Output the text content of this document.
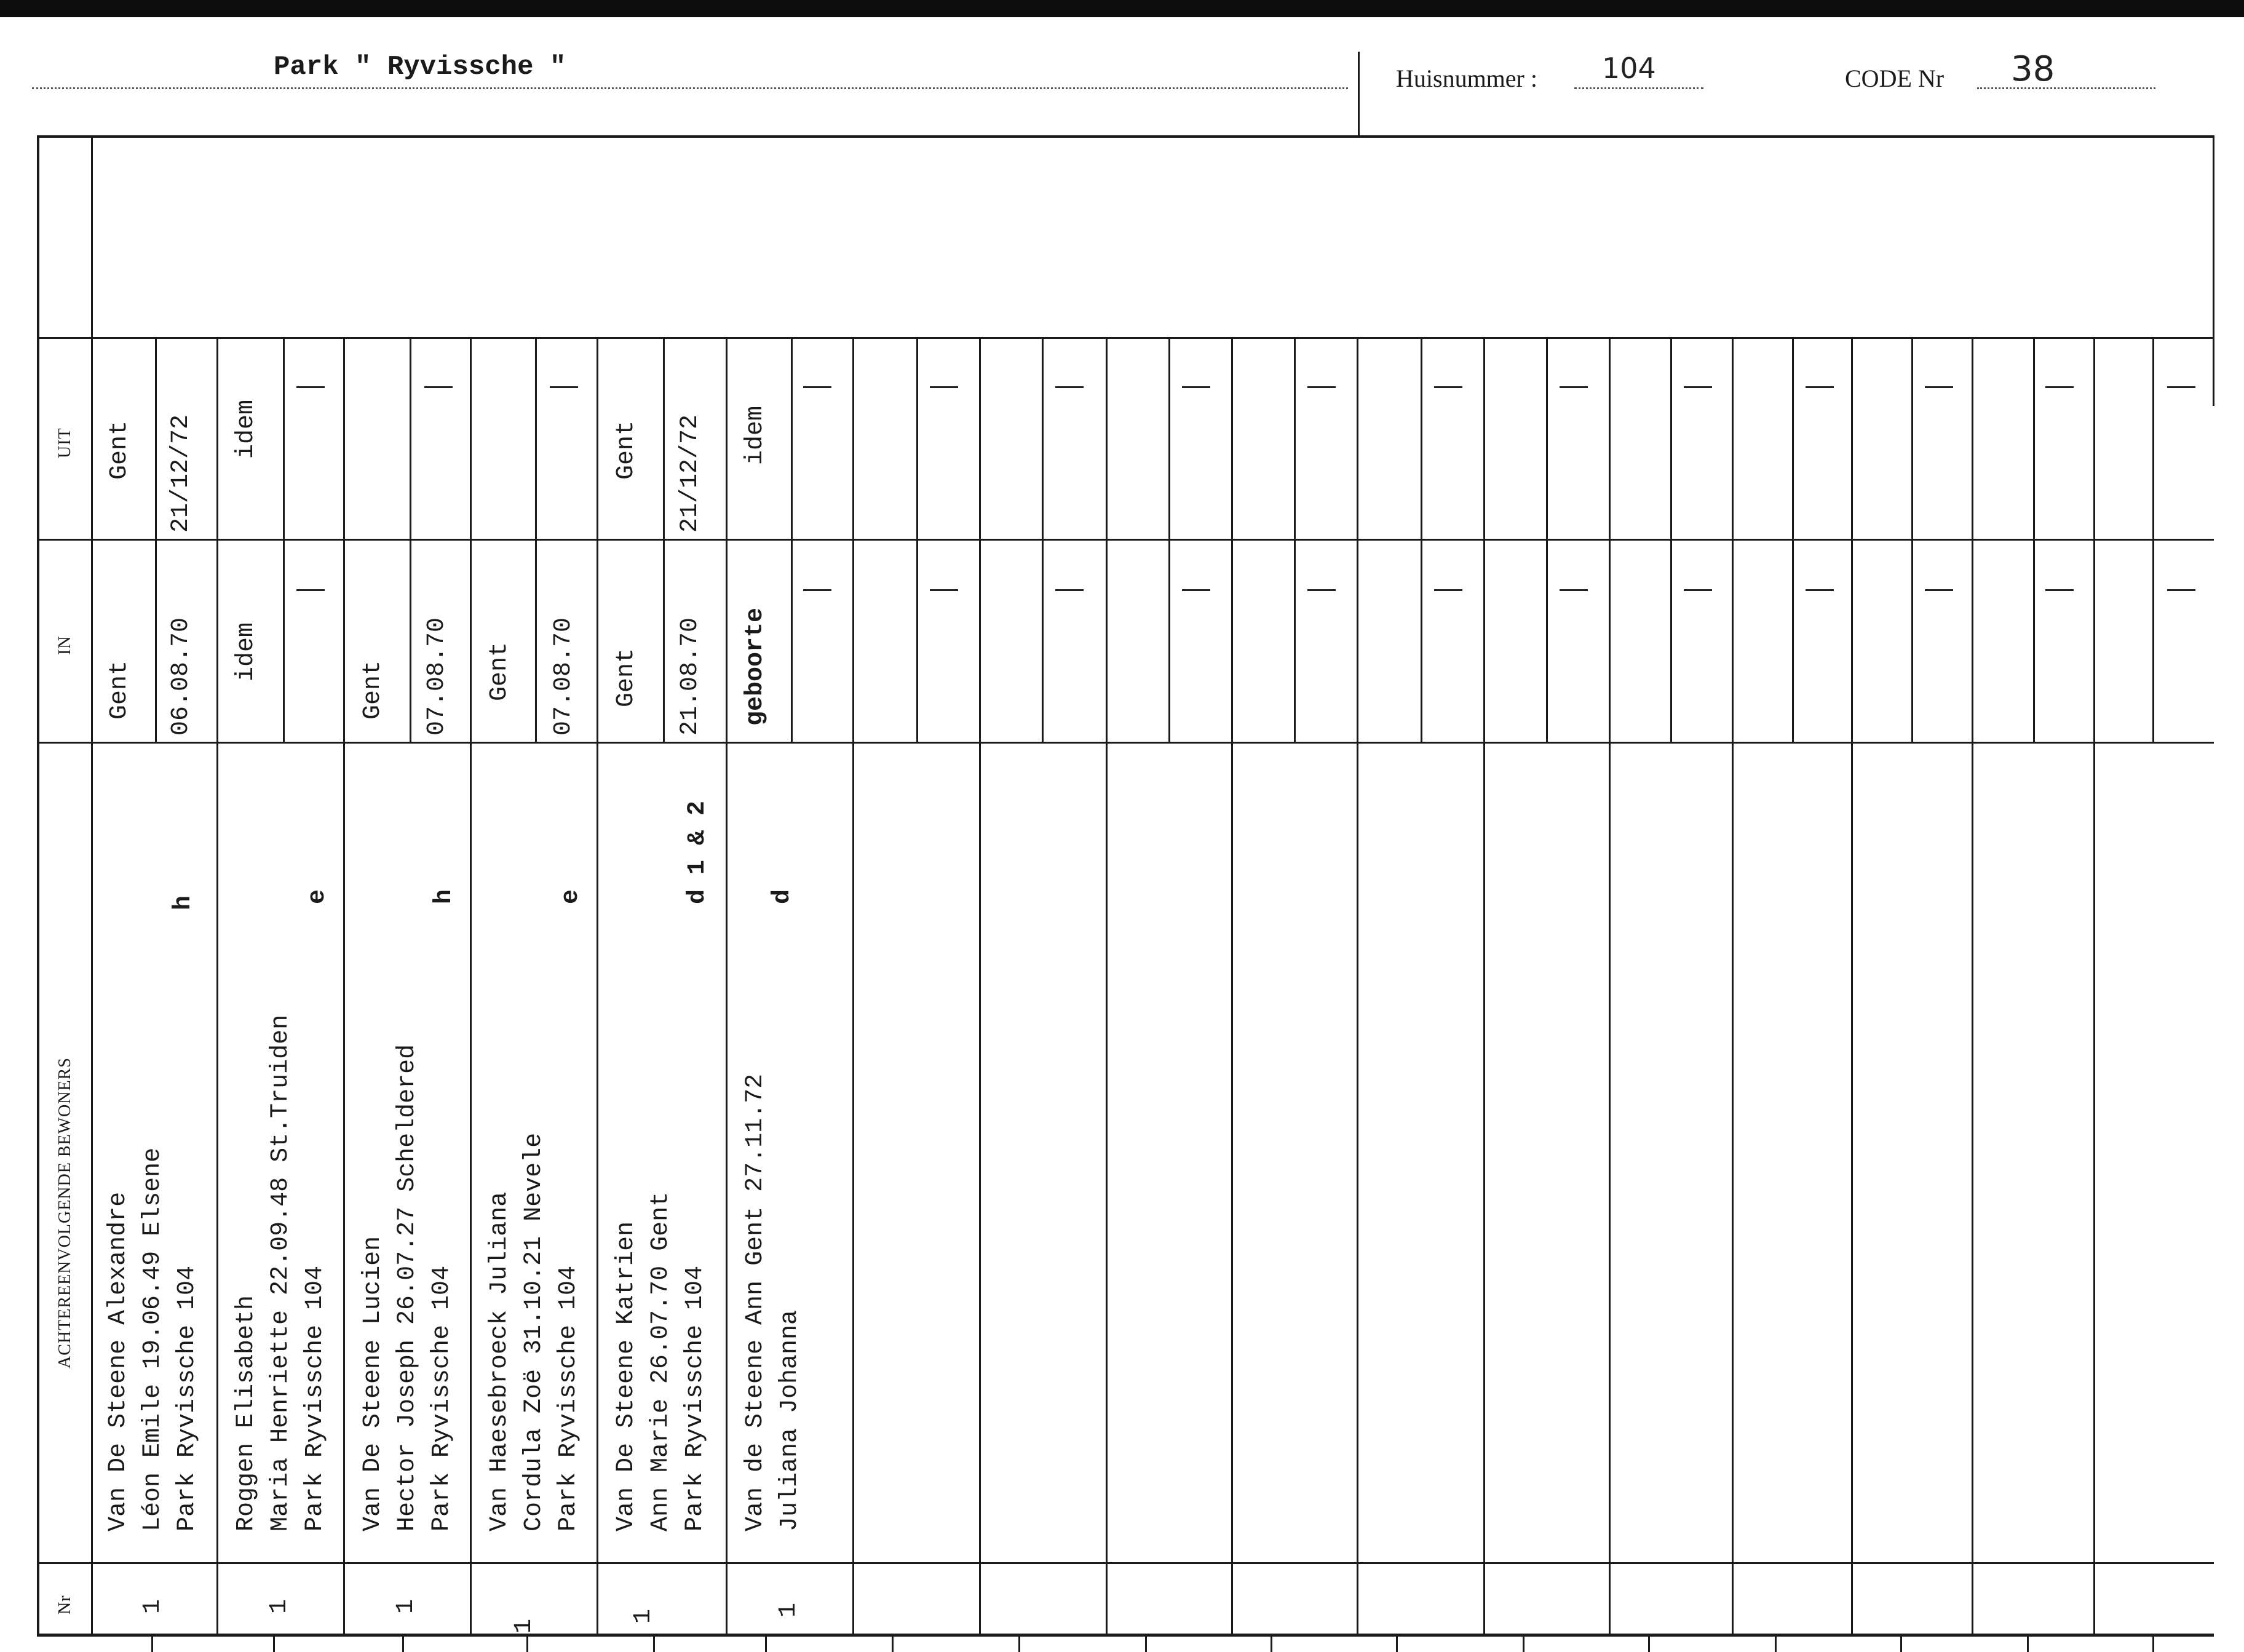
Park " Ryvissche "	Huisnummer : 104	CODE Nr 38
UIT
IN
ACHTEREENVOLGENDE BEWONERS
Nr
Gent 21/12/72
Gent 06.08.70
Van De Steene Alexandre Léon Emile 19.06.49 Elsene Park Ryvissche 104
h
1
idem
idem
Roggen Elisabeth Maria Henriette 22.09.48 St.Truiden Park Ryvissche 104
e
1
Gent 07.08.70
Van De Steene Lucien Hector Joseph 26.07.27 Scheldered Park Ryvissche 104
h
1
Gent 07.08.70
Van Haesebroeck Juliana Cordula Zoë 31.10.21 Nevele Park Ryvissche 104
e
1
Gent 21/12/72
Gent 21.08.70
Van De Steene Katrien Ann Marie 26.07.70 Gent Park Ryvissche 104
d 1 & 2
1
idem
geboorte
Van de Steene Ann Gent 27.11.72 Juliana Johanna
d
1
